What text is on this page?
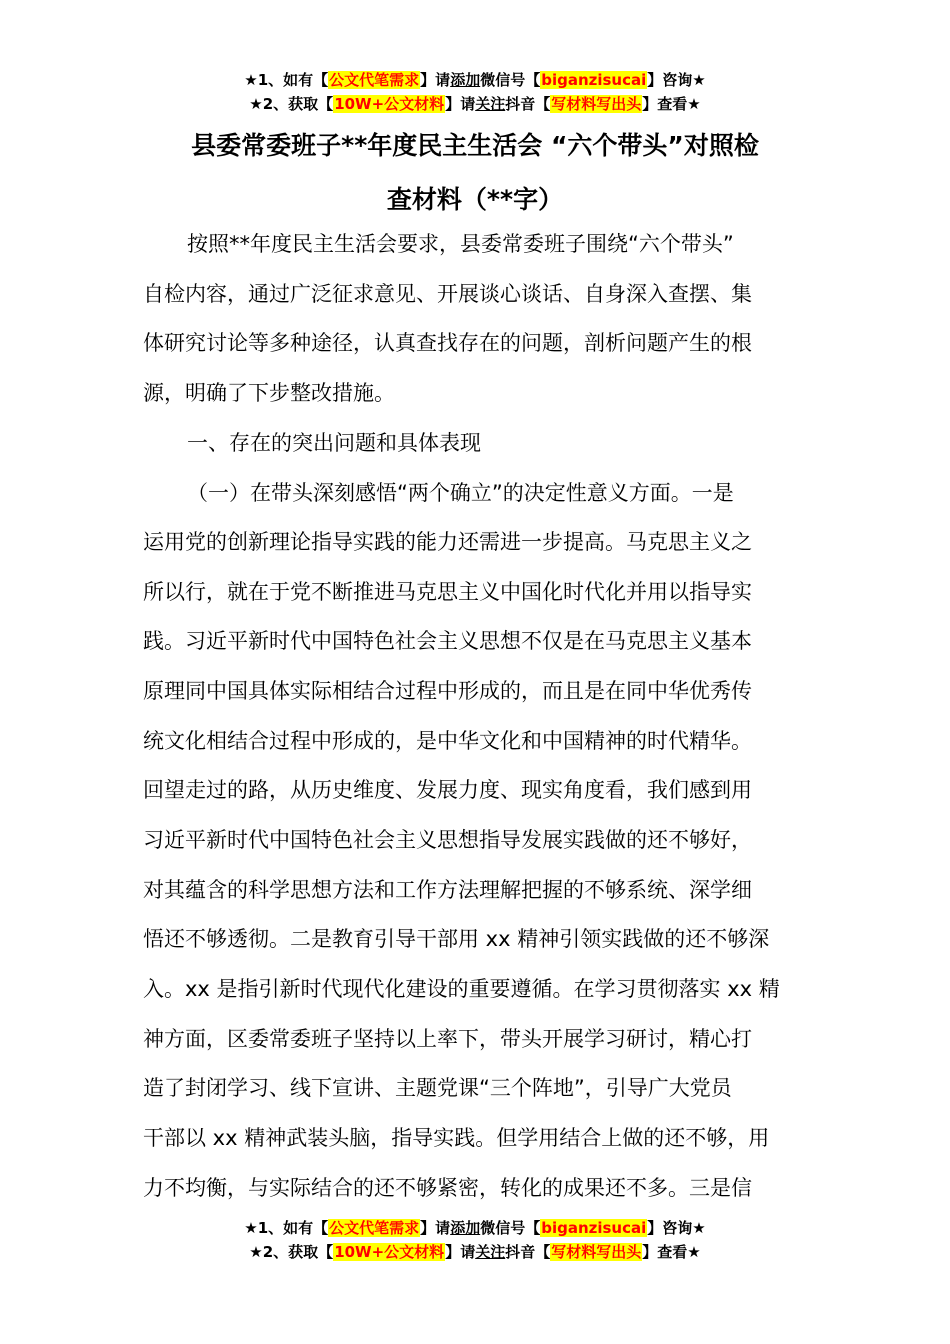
★1、如有【公文代笔需求】请添加微信号【biganzisucai】咨询★
★2、获取【10W+公文材料】请关注抖音【写材料写出头】查看★
县委常委班子**年度民主生活会 “六个带头”对照检
查材料（**字）
按照**年度民主生活会要求，县委常委班子围绕“六个带头”
自检内容，通过广泛征求意见、开展谈心谈话、自身深入查摆、集
体研究讨论等多种途径，认真查找存在的问题，剖析问题产生的根
源，明确了下步整改措施。
一、存在的突出问题和具体表现
（一）在带头深刻感悟“两个确立”的决定性意义方面。一是
运用党的创新理论指导实践的能力还需进一步提高。马克思主义之
所以行，就在于党不断推进马克思主义中国化时代化并用以指导实
践。习近平新时代中国特色社会主义思想不仅是在马克思主义基本
原理同中国具体实际相结合过程中形成的，而且是在同中华优秀传
统文化相结合过程中形成的，是中华文化和中国精神的时代精华。
回望走过的路，从历史维度、发展力度、现实角度看，我们感到用
习近平新时代中国特色社会主义思想指导发展实践做的还不够好，
对其蕴含的科学思想方法和工作方法理解把握的不够系统、深学细
悟还不够透彻。二是教育引导干部用 xx 精神引领实践做的还不够深
入。xx 是指引新时代现代化建设的重要遵循。在学习贯彻落实 xx 精
神方面，区委常委班子坚持以上率下，带头开展学习研讨，精心打
造了封闭学习、线下宣讲、主题党课“三个阵地”，引导广大党员
干部以 xx 精神武装头脑，指导实践。但学用结合上做的还不够，用
力不均衡，与实际结合的还不够紧密，转化的成果还不多。三是信
★1、如有【公文代笔需求】请添加微信号【biganzisucai】咨询★
★2、获取【10W+公文材料】请关注抖音【写材料写出头】查看★
